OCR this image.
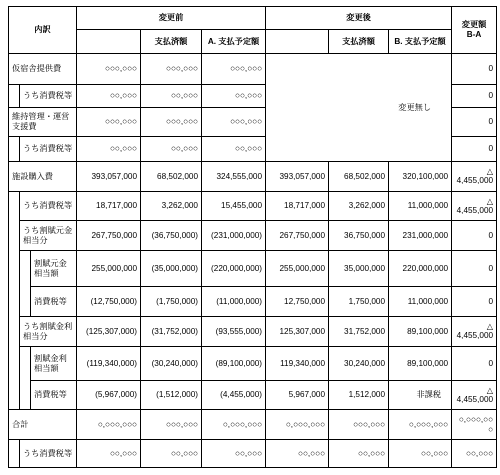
内訳			変更前			変更後			変更額
B-A
				支払済額	A. 支払予定額		支払済額	B. 支払予定額	
仮宿舎提供費			○○○,○○○	○○○,○○○	○○○,○○○	変更無し			0
	うち消費税等		○○,○○○	○○,○○○	○○,○○○				0
維持管理・運営支援費			○○○,○○○	○○○,○○○	○○○,○○○				0
	うち消費税等		○○,○○○	○○,○○○	○○,○○○				0
施設購入費			393,057,000	68,502,000	324,555,000	393,057,000	68,502,000	320,100,000	△
4,455,000
	うち消費税等		18,717,000	3,262,000	15,455,000	18,717,000	3,262,000	11,000,000	△
4,455,000
	うち割賦元金相当分		267,750,000	(36,750,000)	(231,000,000)	267,750,000	36,750,000	231,000,000	0
		割賦元金相当額	255,000,000	(35,000,000)	(220,000,000)	255,000,000	35,000,000	220,000,000	0
		消費税等	(12,750,000)	(1,750,000)	(11,000,000)	12,750,000	1,750,000	11,000,000	0
	うち割賦金利相当分		(125,307,000)	(31,752,000)	(93,555,000)	125,307,000	31,752,000	89,100,000	△
4,455,000
		割賦金利相当額	(119,340,000)	(30,240,000)	(89,100,000)	119,340,000	30,240,000	89,100,000	0
		消費税等	(5,967,000)	(1,512,000)	(4,455,000)	5,967,000	1,512,000	非課税	△
4,455,000
合計			○,○○○,○○○	○○○,○○○	○,○○○,○○○	○,○○○,○○○	○○○,○○○	○,○○○,○○○	○,○○○,○○○
	うち消費税等		○○,○○○	○○,○○○	○○,○○○	○○,○○○	○○,○○○	○○,○○○	○○,○○○
